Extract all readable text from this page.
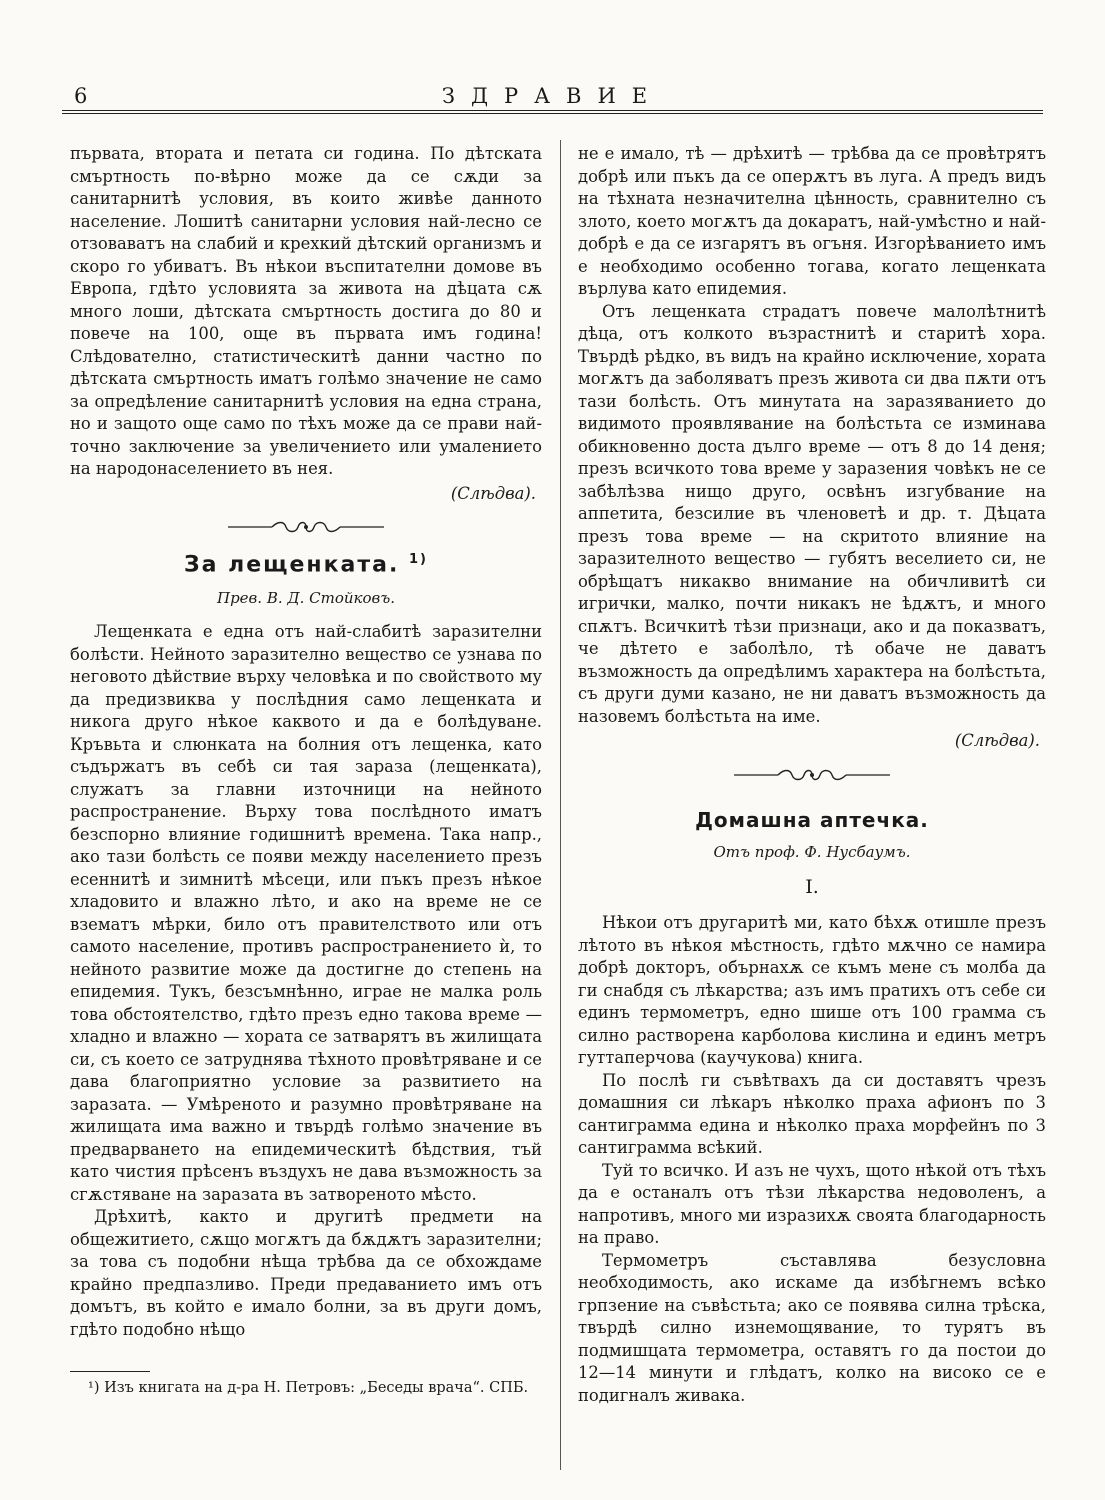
6	ЗДРАВИЕ

първата, втората и петата си година. По дѣтската смъртность по-вѣрно може да се сѫди за санитарнитѣ условия, въ които живѣе данното население. Лошитѣ санитарни условия най-лесно се отзоваватъ на слабий и крехкий дѣтский организмъ и скоро го убиватъ. Въ нѣкои въспитателни домове въ Европа, гдѣто условията за живота на дѣцата сѫ много лоши, дѣтската смъртность достига до 80 и повече на 100, още въ първата имъ година! Слѣдователно, статистическитѣ данни частно по дѣтската смъртность иматъ голѣмо значение не само за опредѣление санитарнитѣ условия на една страна, но и защото още само по тѣхъ може да се прави най-точно заключение за увеличението или умалението на народонаселението въ нея.

(Слѣдва).
За лещенката. $^{1)}$
Прев. В. Д. Стойковъ.

Лещенката е една отъ най-слабитѣ заразителни болѣсти. Нейното заразително вещество се узнава по неговото дѣйствие върху человѣка и по свойството му да предизвиква у послѣдния само лещенката и никога друго нѣкое каквото и да е болѣдуване. Кръвьта и слюнката на болния отъ лещенка, като съдържатъ въ себѣ си тая зараза (лещенката), служатъ за главни източници на нейното распространение. Върху това послѣдното иматъ безспорно влияние годишнитѣ времена. Така напр., ако тази болѣсть се появи между населението презъ есеннитѣ и зимнитѣ мѣсеци, или пъкъ презъ нѣкое хладовито и влажно лѣто, и ако на време не се взематъ мѣрки, било отъ правителството или отъ самото население, противъ распространението ѝ, то нейното развитие може да достигне до степень на епидемия. Тукъ, безсъмнѣнно, играе не малка роль това обстоятелство, гдѣто презъ едно такова време — хладно и влажно — хората се затварятъ въ жилищата си, съ което се затруднява тѣхното провѣтряване и се дава благоприятно условие за развитието на заразата. — Умѣреното и разумно провѣтряване на жилищата има важно и твърдѣ голѣмо значение въ предварването на епидемическитѣ бѣдствия, тъй като чистия прѣсенъ въздухъ не дава възможность за сгѫстяване на заразата въ затвореното мѣсто.

Дрѣхитѣ, както и другитѣ предмети на общежитието, сѫщо могѫтъ да бѫдѫтъ заразителни; за това съ подобни нѣща трѣбва да се обхождаме крайно предпазливо. Преди предаванието имъ отъ домътъ, въ който е имало болни, за въ други домъ, гдѣто подобно нѣщо

¹) Изъ книгата на д-ра Н. Петровъ: „Беседы врача“. СПБ.

не е имало, тѣ — дрѣхитѣ — трѣбва да се провѣтрятъ добрѣ или пъкъ да се оперѫтъ въ луга. А предъ видъ на тѣхната незначителна цѣнность, сравнително съ злото, което могѫтъ да докаратъ, най-умѣстно и най-добрѣ е да се изгарятъ въ огъня. Изгорѣванието имъ е необходимо особенно тогава, когато лещенката върлува като епидемия.

Отъ лещенката страдатъ повече малолѣтнитѣ дѣца, отъ колкото възрастнитѣ и старитѣ хора. Твърдѣ рѣдко, въ видъ на крайно исключение, хората могѫтъ да заболяватъ презъ живота си два пѫти отъ тази болѣсть. Отъ минутата на заразяванието до видимото проявлявание на болѣстьта се изминава обикновенно доста дълго време — отъ 8 до 14 деня; презъ всичкото това време у заразения човѣкъ не се забѣлѣзва нищо друго, освѣнъ изгубвание на аппетита, безсилие въ членоветѣ и др. т. Дѣцата презъ това време — на скритото влияние на заразителното вещество — губятъ веселието си, не обрѣщатъ никакво внимание на обичливитѣ си игрички, малко, почти никакъ не ѣдѫтъ, и много спѫтъ. Всичкитѣ тѣзи признаци, ако и да показватъ, че дѣтето е заболѣло, тѣ обаче не даватъ възможность да опредѣлимъ характера на болѣстьта, съ други думи казано, не ни даватъ възможность да назовемъ болѣстьта на име.

(Слѣдва).
Домашна аптечка.
Отъ проф. Ф. Нусбаумъ.
I.

Нѣкои отъ другаритѣ ми, като бѣхѫ отишле презъ лѣтото въ нѣкоя мѣстность, гдѣто мѫчно се намира добрѣ докторъ, обърнахѫ се къмъ мене съ молба да ги снабдя съ лѣкарства; азъ имъ пратихъ отъ себе си единъ термометръ, едно шише отъ 100 грамма съ силно растворена карболова кислина и единъ метръ гуттаперчова (каучукова) книга.

По послѣ ги съвѣтвахъ да си доставятъ чрезъ домашния си лѣкаръ нѣколко праха афионъ по 3 сантиграмма едина и нѣколко праха морфейнъ по 3 сантиграмма всѣкий.

Туй то всичко. И азъ не чухъ, щото нѣкой отъ тѣхъ да е останалъ отъ тѣзи лѣкарства недоволенъ, а напротивъ, много ми изразихѫ своята благодарность на право.

Термометръ съставлява безусловна необходимость, ако искаме да избѣгнемъ всѣко грпзение на съвѣстьта; ако се появява силна трѣска, твърдѣ силно изнемощявание, то турятъ въ подмишцата термометра, оставятъ го да постои до 12—14 минути и глѣдатъ, колко на високо се е подигналъ живака.
